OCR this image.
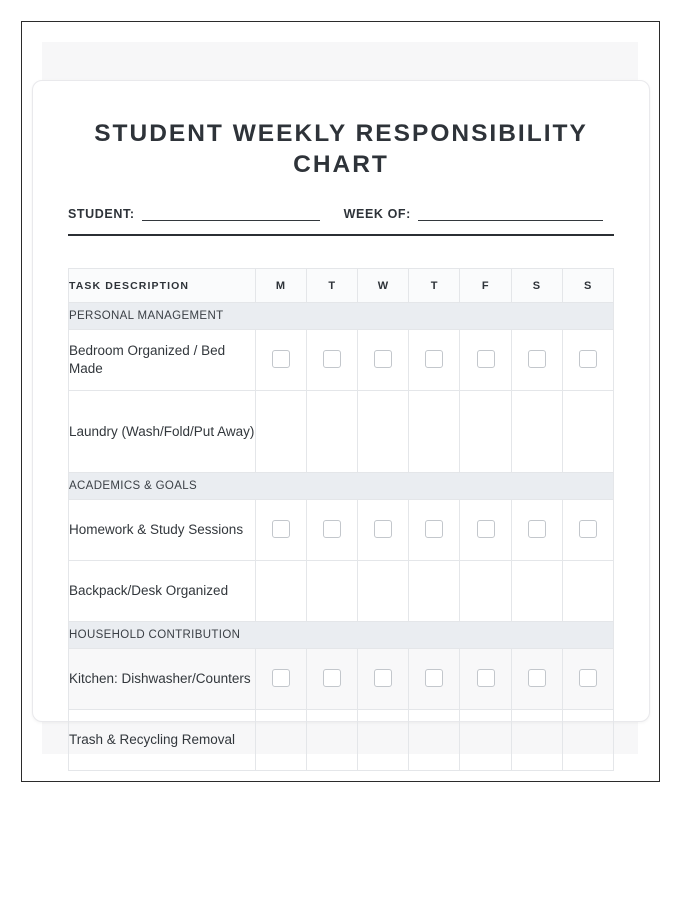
STUDENT WEEKLY RESPONSIBILITY CHART
STUDENT:	WEEK OF:
TASK DESCRIPTION	M	T	W	T	F	S	S
PERSONAL MANAGEMENT							
Bedroom Organized / Bed Made							
Laundry (Wash/Fold/Put Away)							
ACADEMICS & GOALS							
Homework & Study Sessions							
Backpack/Desk Organized							
HOUSEHOLD CONTRIBUTION							
Kitchen: Dishwasher/Counters							
Trash & Recycling Removal							
